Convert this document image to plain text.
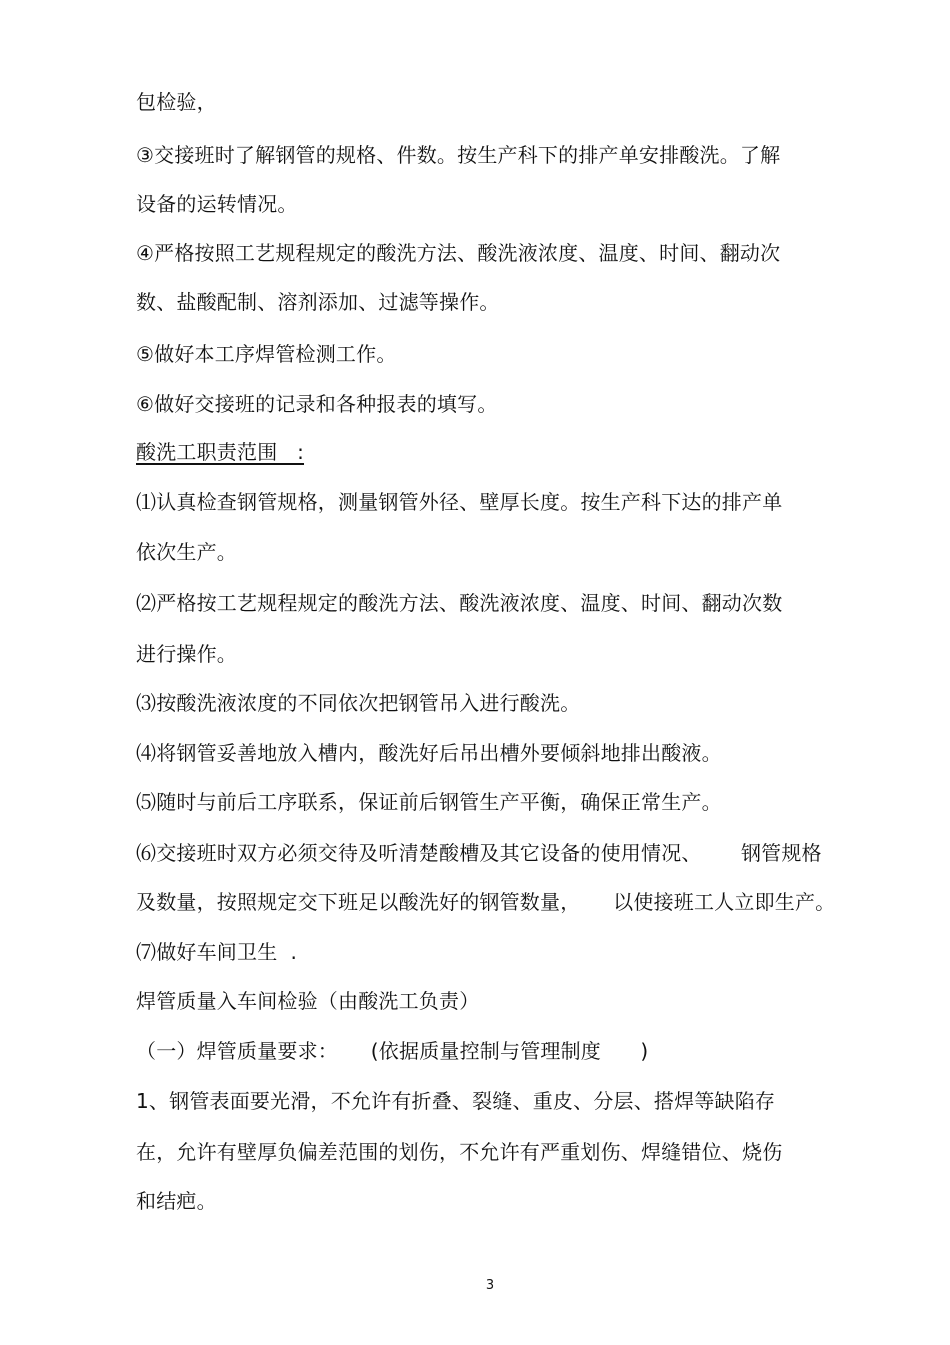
包检验，
③交接班时了解钢管的规格、件数。按生产科下的排产单安排酸洗。了解
设备的运转情况。
④严格按照工艺规程规定的酸洗方法、酸洗液浓度、温度、时间、翻动次
数、盐酸配制、溶剂添加、过滤等操作。
⑤做好本工序焊管检测工作。
⑥做好交接班的记录和各种报表的填写。
酸洗工职责范围   :
⑴认真检查钢管规格，测量钢管外径、壁厚长度。按生产科下达的排产单
依次生产。
⑵严格按工艺规程规定的酸洗方法、酸洗液浓度、温度、时间、翻动次数
进行操作。
⑶按酸洗液浓度的不同依次把钢管吊入进行酸洗。
⑷将钢管妥善地放入槽内，酸洗好后吊出槽外要倾斜地排出酸液。
⑸随时与前后工序联系，保证前后钢管生产平衡，确保正常生产。
⑹交接班时双方必须交待及听清楚酸槽及其它设备的使用情况、      钢管规格
及数量，按照规定交下班足以酸洗好的钢管数量，     以使接班工人立即生产。
⑺做好车间卫生  .
焊管质量入车间检验（由酸洗工负责）
（一）焊管质量要求：     (依据质量控制与管理制度      )
1、钢管表面要光滑，不允许有折叠、裂缝、重皮、分层、搭焊等缺陷存
在，允许有壁厚负偏差范围的划伤，不允许有严重划伤、焊缝错位、烧伤
和结疤。
3
